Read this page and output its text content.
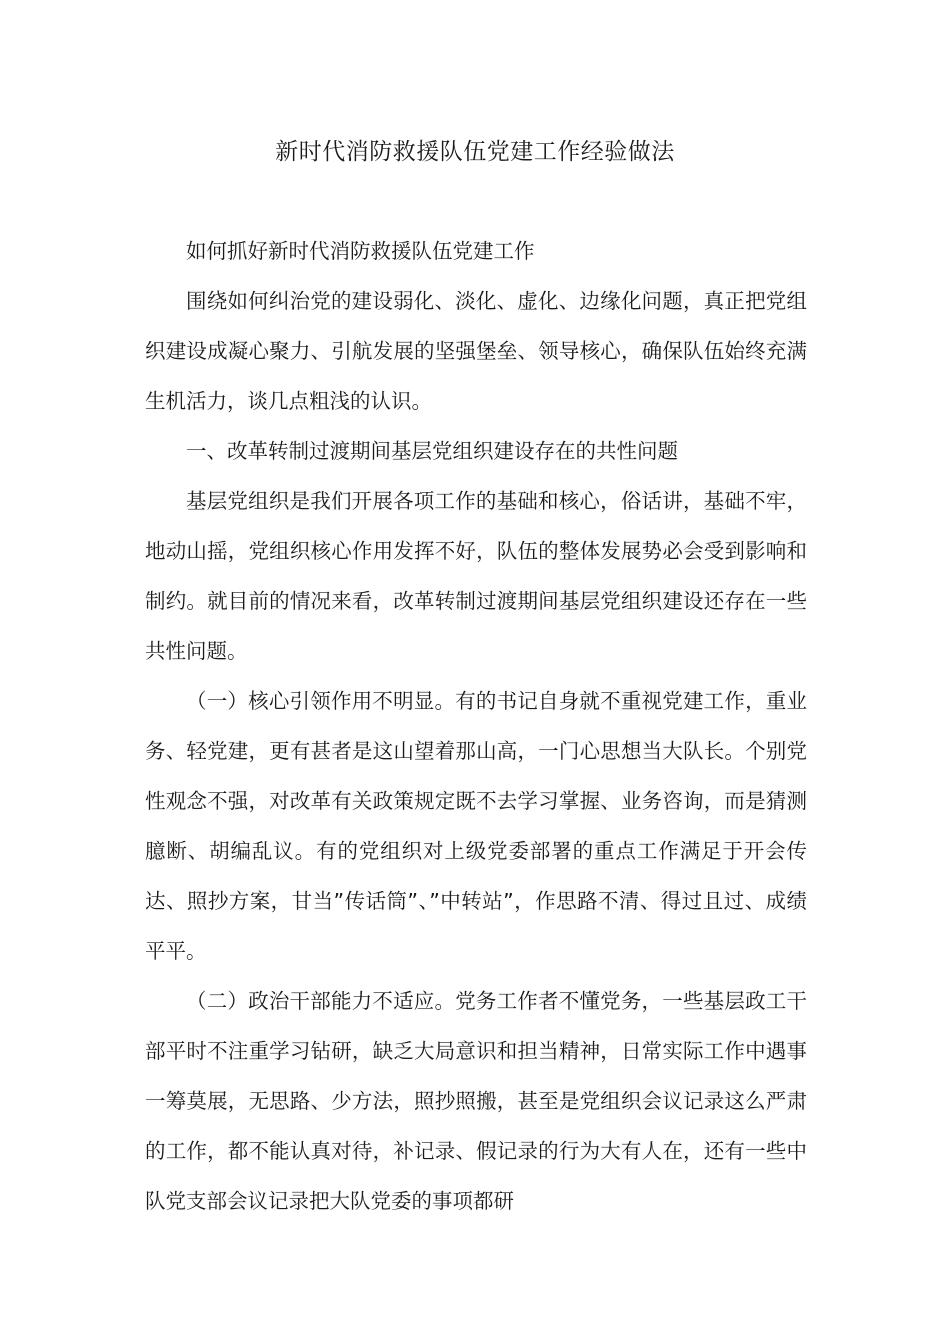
新时代消防救援队伍党建工作经验做法

如何抓好新时代消防救援队伍党建工作

围绕如何纠治党的建设弱化、淡化、虚化、边缘化问题，真正把党组织建设成凝心聚力、引航发展的坚强堡垒、领导核心，确保队伍始终充满生机活力，谈几点粗浅的认识。

一、改革转制过渡期间基层党组织建设存在的共性问题

基层党组织是我们开展各项工作的基础和核心，俗话讲，基础不牢，地动山摇，党组织核心作用发挥不好，队伍的整体发展势必会受到影响和制约。就目前的情况来看，改革转制过渡期间基层党组织建设还存在一些共性问题。

（一）核心引领作用不明显。有的书记自身就不重视党建工作，重业务、轻党建，更有甚者是这山望着那山高，一门心思想当大队长。个别党性观念不强，对改革有关政策规定既不去学习掌握、业务咨询，而是猜测臆断、胡编乱议。有的党组织对上级党委部署的重点工作满足于开会传达、照抄方案，甘当”传话筒”、”中转站”，作思路不清、得过且过、成绩平平。

（二）政治干部能力不适应。党务工作者不懂党务，一些基层政工干部平时不注重学习钻研，缺乏大局意识和担当精神，日常实际工作中遇事一筹莫展，无思路、少方法，照抄照搬，甚至是党组织会议记录这么严肃的工作，都不能认真对待，补记录、假记录的行为大有人在，还有一些中队党支部会议记录把大队党委的事项都研
